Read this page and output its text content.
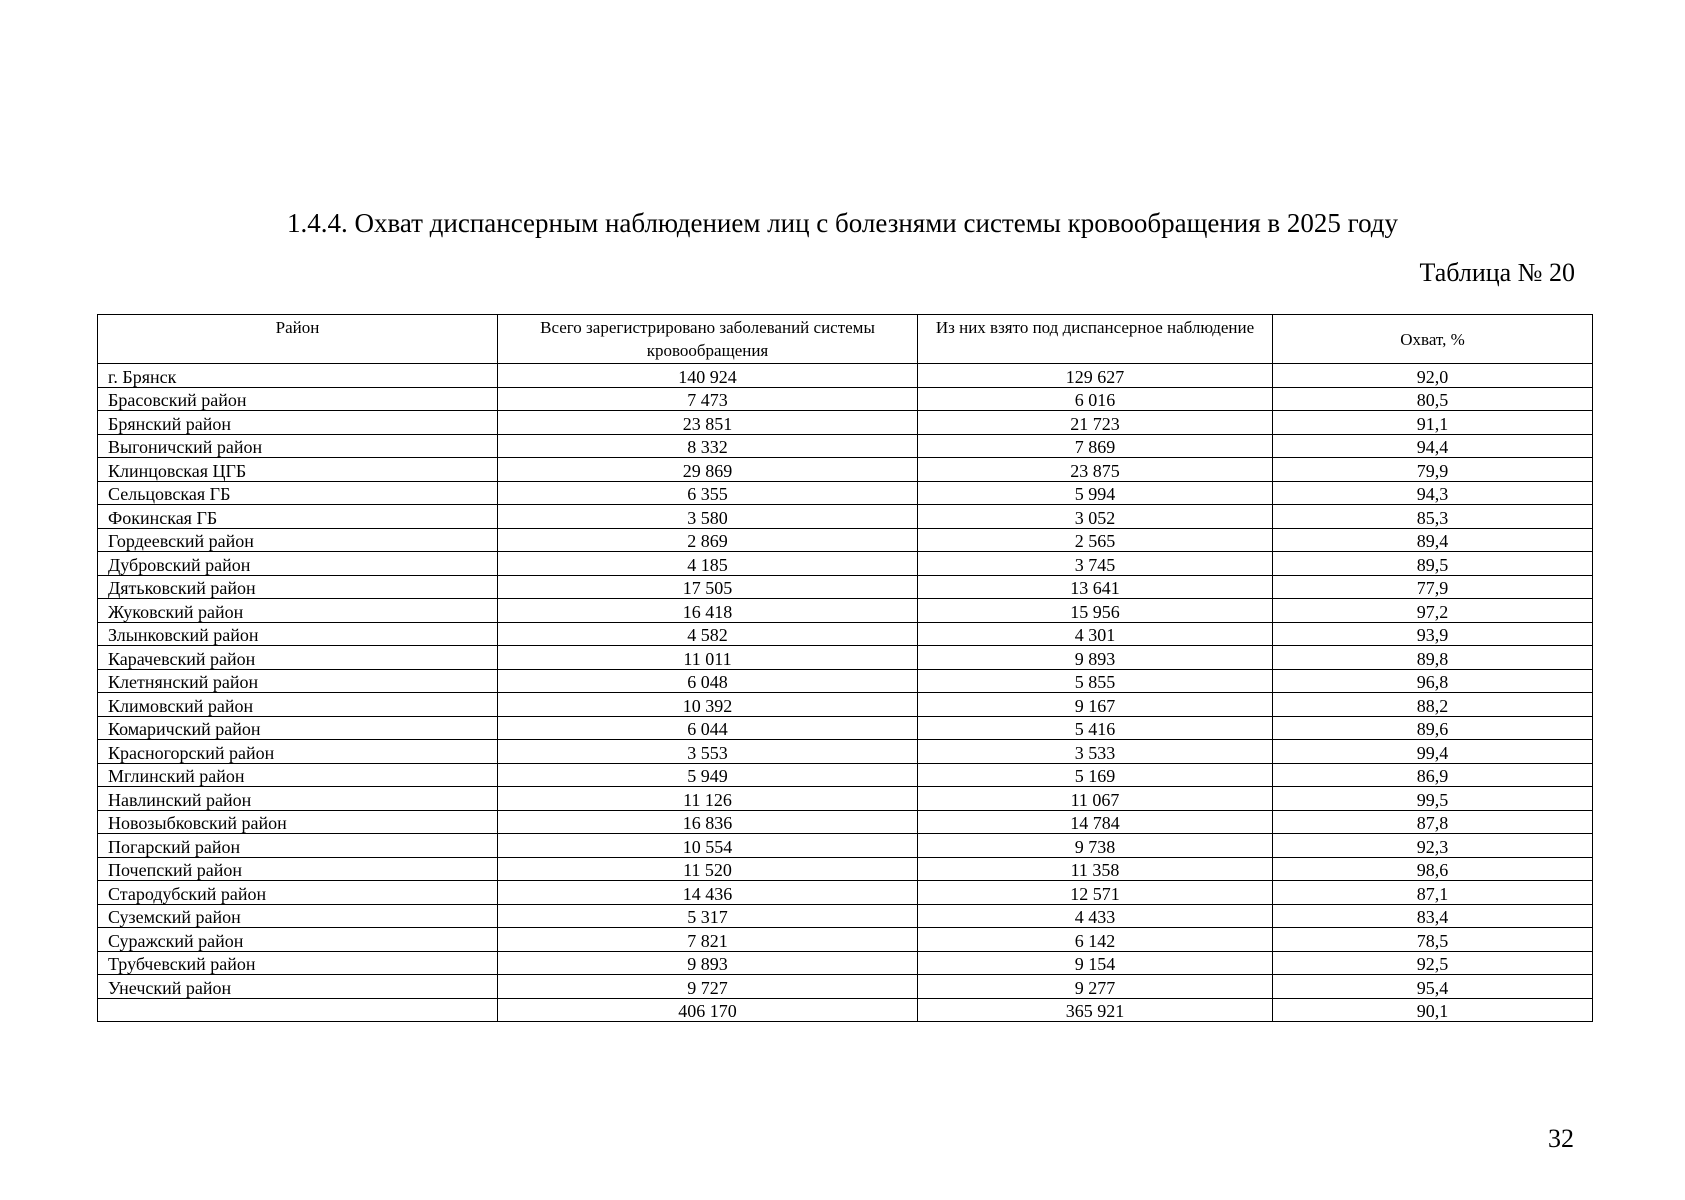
1.4.4. Охват диспансерным наблюдением лиц с болезнями системы кровообращения в 2025 году
Таблица № 20
Район	Всего зарегистрировано заболеваний системы кровообращения	Из них взято под диспансерное наблюдение	Охват, %
г. Брянск	140 924	129 627	92,0
Брасовский район	7 473	6 016	80,5
Брянский район	23 851	21 723	91,1
Выгоничский район	8 332	7 869	94,4
Клинцовская ЦГБ	29 869	23 875	79,9
Сельцовская ГБ	6 355	5 994	94,3
Фокинская ГБ	3 580	3 052	85,3
Гордеевский район	2 869	2 565	89,4
Дубровский район	4 185	3 745	89,5
Дятьковский район	17 505	13 641	77,9
Жуковский район	16 418	15 956	97,2
Злынковский район	4 582	4 301	93,9
Карачевский район	11 011	9 893	89,8
Клетнянский район	6 048	5 855	96,8
Климовский район	10 392	9 167	88,2
Комаричский район	6 044	5 416	89,6
Красногорский район	3 553	3 533	99,4
Мглинский район	5 949	5 169	86,9
Навлинский район	11 126	11 067	99,5
Новозыбковский район	16 836	14 784	87,8
Погарский район	10 554	9 738	92,3
Почепский район	11 520	11 358	98,6
Стародубский район	14 436	12 571	87,1
Суземский район	5 317	4 433	83,4
Суражский район	7 821	6 142	78,5
Трубчевский район	9 893	9 154	92,5
Унечский район	9 727	9 277	95,4
	406 170	365 921	90,1
32
